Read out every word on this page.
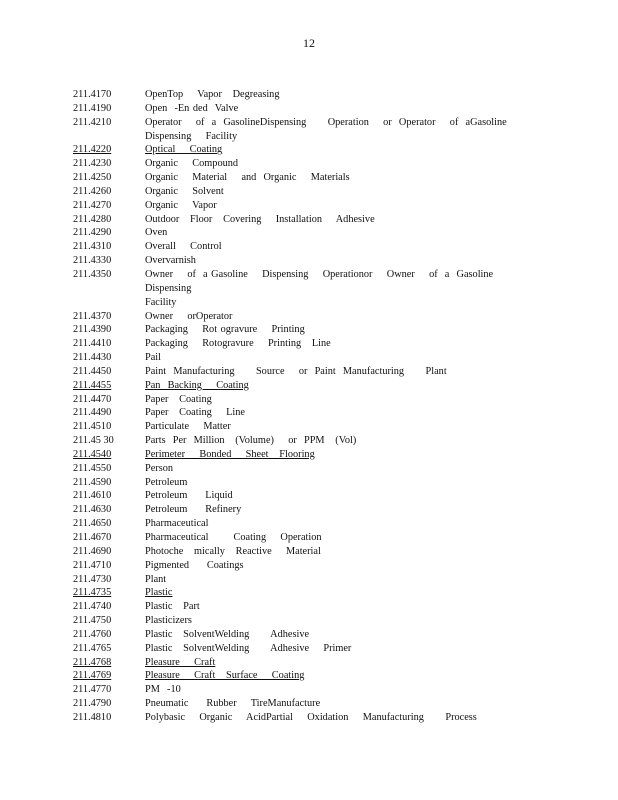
12
211.4170	OpenTop    Vapor   Degreasing
211.4190	Open  -En ded  Valve
211.4210	Operator    of  a  GasolineDispensing      Operation    or  Operator    of  aGasoline
Dispensing    Facility
211.4220	Optical    Coating
211.4230	Organic    Compound
211.4250	Organic    Material    and  Organic    Materials
211.4260	Organic    Solvent
211.4270	Organic    Vapor
211.4280	Outdoor   Floor   Covering    Installation    Adhesive
211.4290	Oven
211.4310	Overall    Control
211.4330	Overvarnish
211.4350	Owner    of  a Gasoline    Dispensing    Operationor    Owner    of  a  Gasoline    Dispensing
Facility
211.4370	Owner    orOperator
211.4390	Packaging    Rot ogravure    Printing
211.4410	Packaging    Rotogravure    Printing   Line
211.4430	Pail
211.4450	Paint  Manufacturing      Source    or  Paint  Manufacturing      Plant
211.4455	Pan  Backing    Coating
211.4470	Paper   Coating
211.4490	Paper   Coating    Line
211.4510	Particulate    Matter
211.45 30	Parts  Per  Million   (Volume)    or  PPM   (Vol)
211.4540	Perimeter    Bonded    Sheet   Flooring
211.4550	Person
211.4590	Petroleum
211.4610	Petroleum     Liquid
211.4630	Petroleum     Refinery
211.4650	Pharmaceutical
211.4670	Pharmaceutical       Coating    Operation
211.4690	Photoche   mically   Reactive    Material
211.4710	Pigmented     Coatings
211.4730	Plant
211.4735	Plastic
211.4740	Plastic   Part
211.4750	Plasticizers
211.4760	Plastic   SolventWelding      Adhesive
211.4765	Plastic   SolventWelding      Adhesive    Primer
211.4768	Pleasure    Craft
211.4769	Pleasure    Craft   Surface    Coating
211.4770	PM  -10
211.4790	Pneumatic     Rubber    TireManufacture
211.4810	Polybasic    Organic    AcidPartial    Oxidation    Manufacturing      Process
